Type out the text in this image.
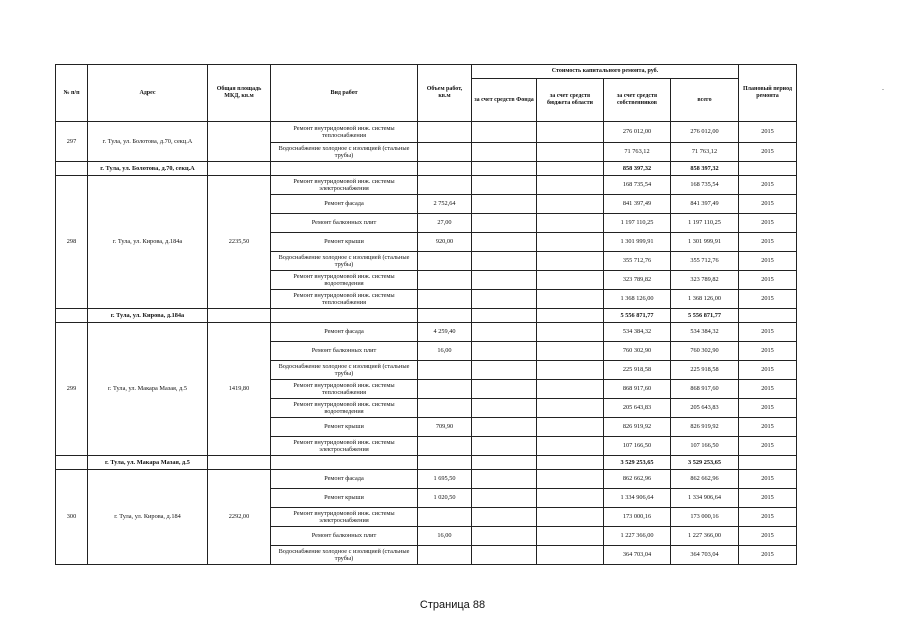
№ п/п	Адрес	Общая площадь МКД, кв.м	Вид работ	Объем работ, кв.м	Стоимость капитального ремонта, руб.				Плановый период ремонта
					за счет средств Фонда	за счет средств бюджета области	за счет средств собственников	всего	
297	г. Тула, ул. Болотова, д.70, секц.А		Ремонт внутридомовой инж. системы теплоснабжения				276 012,00	276 012,00	2015
			Водоснабжение холодное с изоляцией (стальные трубы)				71 763,12	71 763,12	2015
	г. Тула, ул. Болотова, д.70, секц.А						858 397,32	858 397,32	
298	г. Тула, ул. Кирова, д.184а	2235,50	Ремонт внутридомовой инж. системы электроснабжения				168 735,54	168 735,54	2015
			Ремонт фасада	2 752,64			841 397,49	841 397,49	2015
			Ремонт балконных плит	27,00			1 197 110,25	1 197 110,25	2015
			Ремонт крыши	920,00			1 301 999,91	1 301 999,91	2015
			Водоснабжение холодное с изоляцией (стальные трубы)				355 712,76	355 712,76	2015
			Ремонт внутридомовой инж. системы водоотведения				323 789,82	323 789,82	2015
			Ремонт внутридомовой инж. системы теплоснабжения				1 368 126,00	1 368 126,00	2015
	г. Тула, ул. Кирова, д.184а						5 556 871,77	5 556 871,77	
299	г. Тула, ул. Макара Мазая, д.5	1419,80	Ремонт фасада	4 259,40			534 384,32	534 384,32	2015
			Ремонт балконных плит	16,00			760 302,90	760 302,90	2015
			Водоснабжение холодное с изоляцией (стальные трубы)				225 918,58	225 918,58	2015
			Ремонт внутридомовой инж. системы теплоснабжения				868 917,60	868 917,60	2015
			Ремонт внутридомовой инж. системы водоотведения				205 643,83	205 643,83	2015
			Ремонт крыши	709,90			826 919,92	826 919,92	2015
			Ремонт внутридомовой инж. системы электроснабжения				107 166,50	107 166,50	2015
	г. Тула, ул. Макара Мазая, д.5						3 529 253,65	3 529 253,65	
300	г. Тула, ул. Кирова, д.184	2292,00	Ремонт фасада	1 695,50			862 662,96	862 662,96	2015
			Ремонт крыши	1 020,50			1 334 906,64	1 334 906,64	2015
			Ремонт внутридомовой инж. системы электроснабжения				173 000,16	173 000,16	2015
			Ремонт балконных плит	16,00			1 227 366,00	1 227 366,00	2015
			Водоснабжение холодное с изоляцией (стальные трубы)				364 703,04	364 703,04	2015
-
Страница 88
